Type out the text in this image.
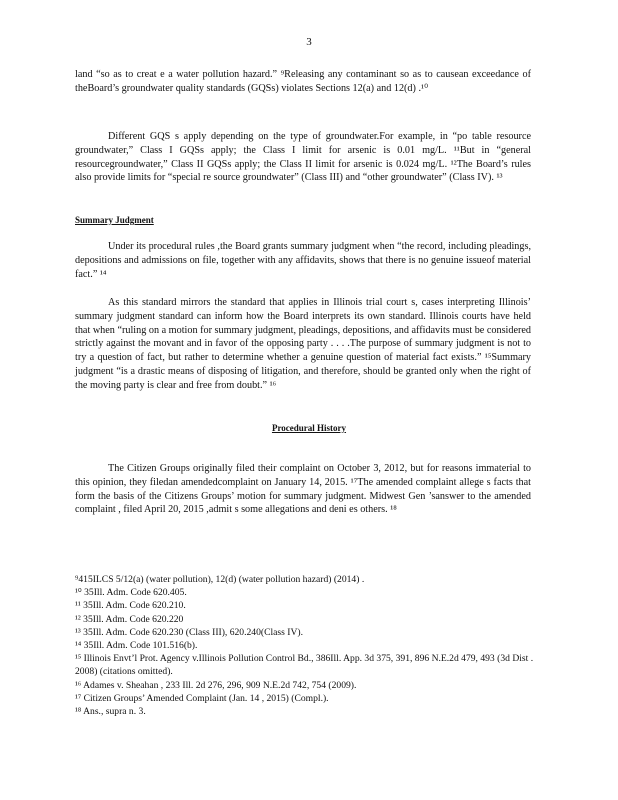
3

land “so as to creat e a water pollution hazard.” ⁹Releasing any contaminant so as to causean exceedance of theBoard’s groundwater quality standards (GQSs) violates Sections 12(a) and 12(d) .¹⁰

Different GQS s apply depending on the type of groundwater.For example, in “po table resource groundwater,” Class I GQSs apply; the Class I limit for arsenic is 0.01 mg/L. ¹¹But in “general resourcegroundwater,” Class II GQSs apply; the Class II limit for arsenic is 0.024 mg/L. ¹²The Board’s rules also provide limits for “special re source groundwater” (Class III) and “other groundwater” (Class IV). ¹³

Summary Judgment

Under its procedural rules ,the Board grants summary judgment when “the record, including pleadings, depositions and admissions on file, together with any affidavits, shows that there is no genuine issueof material fact.” ¹⁴

As this standard mirrors the standard that applies in Illinois trial court s, cases interpreting Illinois’ summary judgment standard can inform how the Board interprets its own standard. Illinois courts have held that when “ruling on a motion for summary judgment, pleadings, depositions, and affidavits must be considered strictly against the movant and in favor of the opposing party . . . .The purpose of summary judgment is not to try a question of fact, but rather to determine whether a genuine question of material fact exists.” ¹⁵Summary judgment “is a drastic means of disposing of litigation, and therefore, should be granted only when the right of the moving party is clear and free from doubt.” ¹⁶

Procedural History

The Citizen Groups originally filed their complaint on October 3, 2012, but for reasons immaterial to this opinion, they filedan amendedcomplaint on January 14, 2015. ¹⁷The amended complaint allege s facts that form the basis of the Citizens Groups’ motion for summary judgment. Midwest Gen ’sanswer to the amended complaint , filed April 20, 2015 ,admit s some allegations and deni es others. ¹⁸

⁹415ILCS 5/12(a) (water pollution), 12(d) (water pollution hazard) (2014) .
¹⁰ 35Ill. Adm. Code 620.405.
¹¹ 35Ill. Adm. Code 620.210.
¹² 35Ill. Adm. Code 620.220
¹³ 35Ill. Adm. Code 620.230 (Class III), 620.240(Class IV).
¹⁴ 35Ill. Adm. Code 101.516(b).
¹⁵ Illinois Envt’l Prot. Agency v.Illinois Pollution Control Bd., 386Ill. App. 3d 375, 391, 896 N.E.2d 479, 493 (3d Dist . 2008) (citations omitted).
¹⁶ Adames v. Sheahan , 233 Ill. 2d 276, 296, 909 N.E.2d 742, 754 (2009).
¹⁷ Citizen Groups’ Amended Complaint (Jan. 14 , 2015) (Compl.).
¹⁸ Ans., supra n. 3.
